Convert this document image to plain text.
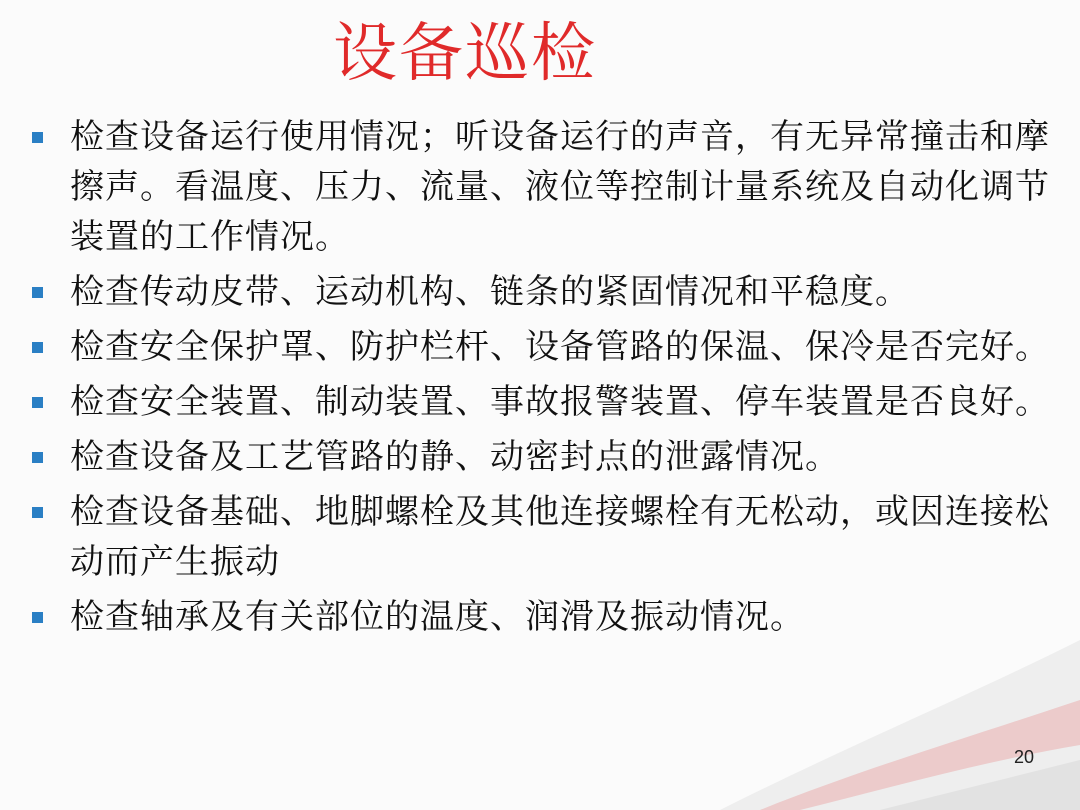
设备巡检
检查设备运行使用情况；听设备运行的声音，有无异常撞击和摩擦声。看温度、压力、流量、液位等控制计量系统及自动化调节装置的工作情况。
检查传动皮带、运动机构、链条的紧固情况和平稳度。
检查安全保护罩、防护栏杆、设备管路的保温、保冷是否完好。
检查安全装置、制动装置、事故报警装置、停车装置是否良好。
检查设备及工艺管路的静、动密封点的泄露情况。
检查设备基础、地脚螺栓及其他连接螺栓有无松动，或因连接松动而产生振动
检查轴承及有关部位的温度、润滑及振动情况。
20
